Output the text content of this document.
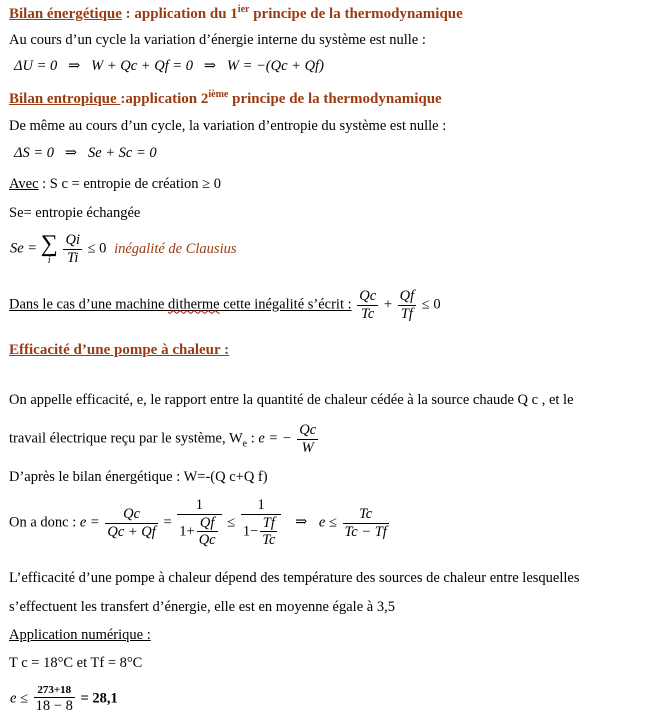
Bilan énergétique : application du $1^{ier}$ principe de la thermodynamique
Au cours d’un cycle la variation d’énergie interne du système est nulle :
ΔU = 0   ⇒   W + Qc + Qf = 0   ⇒   W = −(Qc + Qf)
Bilan entropique :application 2ième principe de la thermodynamique
De même au cours d’un cycle, la variation d’entropie du système est nulle :
ΔS = 0   ⇒   Se + Sc = 0
Avec : S c = entropie de création ≥ 0
Se= entropie échangée
Se = ∑
i
$\frac{Qi}{Ti} \le 0$ inégalité de Clausius
Dans le cas d’une machine ditherme cette inégalité s’écrit : $\frac{Qc}{Tc} + \frac{Qf}{Tf} \le 0$
Efficacité d’une pompe à chaleur :
On appelle efficacité, e, le rapport entre la quantité de chaleur cédée à la source chaude Q c , et le
travail électrique reçu par le système, $W_e$ : e = − $\frac{Qc}{W}$
D’après le bilan énergétique : W=-(Q c+Q f)
On a donc : $e = \frac{Qc}{Qc + Qf} = \frac{1}{1+ \frac{Qf}{Qc}} \le \frac{1}{1- \frac{Tf}{Tc}}$ ⇒ $e \le \frac{Tc}{Tc - Tf}$
L’efficacité d’une pompe à chaleur dépend des température des sources de chaleur entre lesquelles
s’effectuent les transfert d’énergie, elle est en moyenne égale à 3,5
Application numérique :
T c = 18°C et Tf = 8°C
$e \le \frac{273+18}{18 - 8} = 28,1$
